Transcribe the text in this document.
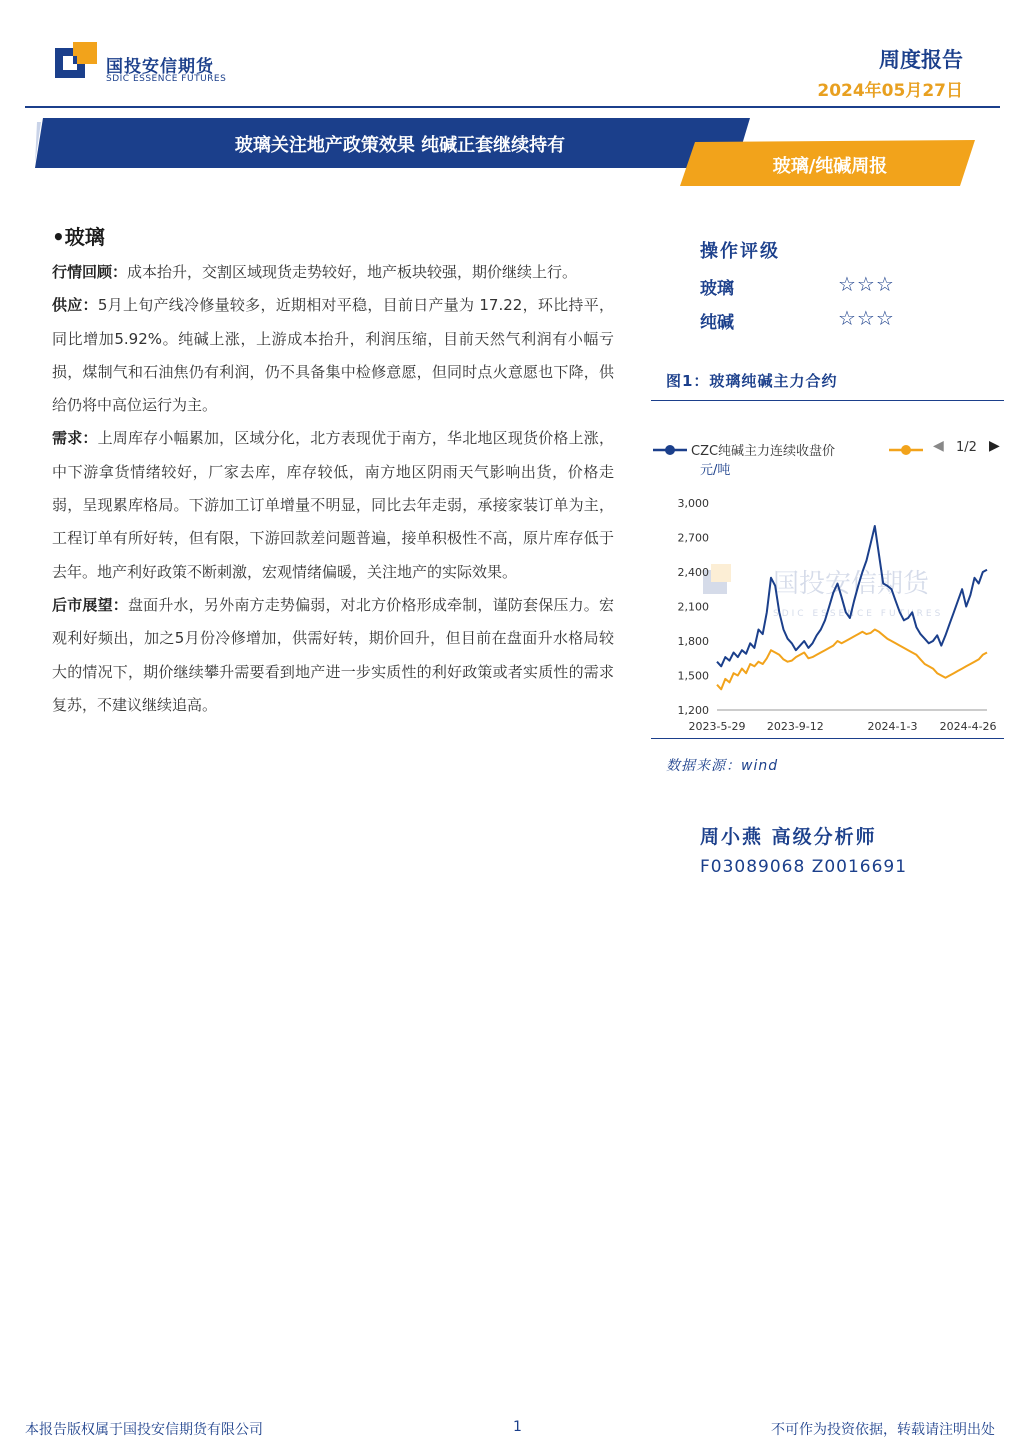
国投安信期货
SDIC ESSENCE FUTURES
周度报告
2024年05月27日
玻璃关注地产政策效果 纯碱正套继续持有
玻璃/纯碱周报
•玻璃

行情回顾：成本抬升，交割区域现货走势较好，地产板块较强，期价继续上行。

供应：5月上旬产线冷修量较多，近期相对平稳，目前日产量为 17.22，环比持平，同比增加5.92%。纯碱上涨，上游成本抬升，利润压缩，目前天然气利润有小幅亏损，煤制气和石油焦仍有利润，仍不具备集中检修意愿，但同时点火意愿也下降，供给仍将中高位运行为主。

需求：上周库存小幅累加，区域分化，北方表现优于南方，华北地区现货价格上涨，中下游拿货情绪较好，厂家去库，库存较低，南方地区阴雨天气影响出货，价格走弱，呈现累库格局。下游加工订单增量不明显，同比去年走弱，承接家装订单为主，工程订单有所好转，但有限，下游回款差问题普遍，接单积极性不高，原片库存低于去年。地产利好政策不断刺激，宏观情绪偏暖，关注地产的实际效果。

后市展望：盘面升水，另外南方走势偏弱，对北方价格形成牵制，谨防套保压力。宏观利好频出，加之5月份冷修增加，供需好转，期价回升，但目前在盘面升水格局较大的情况下，期价继续攀升需要看到地产进一步实质性的利好政策或者实质性的需求复苏，不建议继续追高。

操作评级
玻璃	☆☆☆
纯碱	☆☆☆
图1：玻璃纯碱主力合约
CZC纯碱主力连续收盘价	◀ 1/2 ▶
元/吨
国投安信期货
SDIC ESSENCE FUTURES
3,000
2,700
2,400
2,100
1,800
1,500
1,200
2023-5-29 2023-9-12	2024-1-3 2024-4-26
数据来源：wind
周小燕 高级分析师
F03089068 Z0016691
本报告版权属于国投安信期货有限公司	1	不可作为投资依据，转载请注明出处
